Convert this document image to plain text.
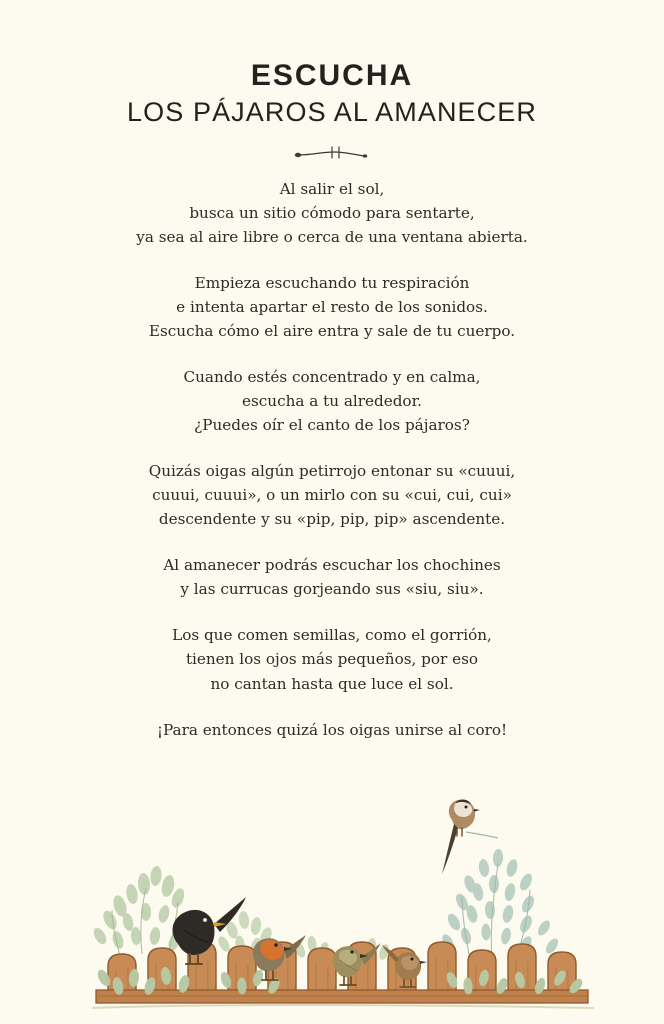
ESCUCHA
LOS PÁJAROS AL AMANECER
Al salir el sol,
busca un sitio cómodo para sentarte,
ya sea al aire libre o cerca de una ventana abierta.
Empieza escuchando tu respiración
e intenta apartar el resto de los sonidos.
Escucha cómo el aire entra y sale de tu cuerpo.
Cuando estés concentrado y en calma,
escucha a tu alrededor.
¿Puedes oír el canto de los pájaros?
Quizás oigas algún petirrojo entonar su «cuuui,
cuuui, cuuui», o un mirlo con su «cui, cui, cui»
descendente y su «pip, pip, pip» ascendente.
Al amanecer podrás escuchar los chochines
y las currucas gorjeando sus «siu, siu».
Los que comen semillas, como el gorrión,
tienen los ojos más pequeños, por eso
no cantan hasta que luce el sol.
¡Para entonces quizá los oigas unirse al coro!
